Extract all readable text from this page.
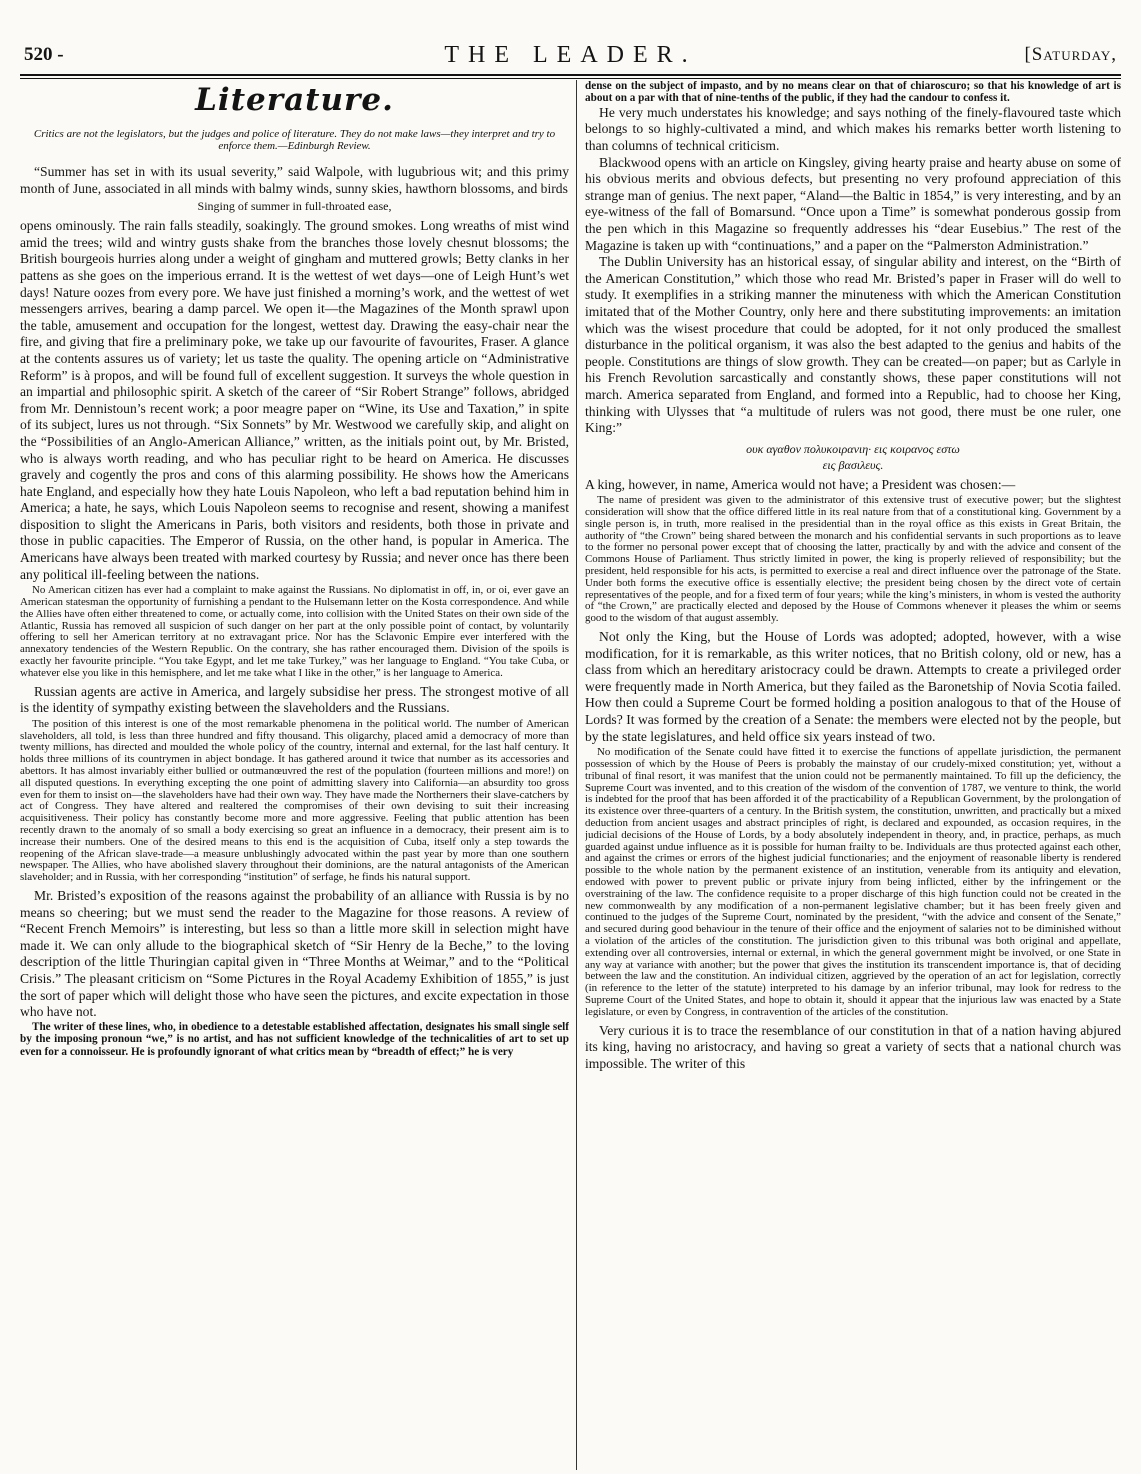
520 -	THE LEADER.	[Saturday,
Literature.
Critics are not the legislators, but the judges and police of literature. They do not make laws—they interpret and try to enforce them.—Edinburgh Review.

“Summer has set in with its usual severity,” said Walpole, with lugubrious wit; and this primy month of June, associated in all minds with balmy winds, sunny skies, hawthorn blossoms, and birds

Singing of summer in full-throated ease,

opens ominously. The rain falls steadily, soakingly. The ground smokes. Long wreaths of mist wind amid the trees; wild and wintry gusts shake from the branches those lovely chesnut blossoms; the British bourgeois hurries along under a weight of gingham and muttered growls; Betty clanks in her pattens as she goes on the imperious errand. It is the wettest of wet days—one of Leigh Hunt’s wet days! Nature oozes from every pore. We have just finished a morning’s work, and the wettest of wet messengers arrives, bearing a damp parcel. We open it—the Magazines of the Month sprawl upon the table, amusement and occupation for the longest, wettest day. Drawing the easy-chair near the fire, and giving that fire a preliminary poke, we take up our favourite of favourites, Fraser. A glance at the contents assures us of variety; let us taste the quality. The opening article on “Administrative Reform” is à propos, and will be found full of excellent suggestion. It surveys the whole question in an impartial and philosophic spirit. A sketch of the career of “Sir Robert Strange” follows, abridged from Mr. Dennistoun’s recent work; a poor meagre paper on “Wine, its Use and Taxation,” in spite of its subject, lures us not through. “Six Sonnets” by Mr. Westwood we carefully skip, and alight on the “Possibilities of an Anglo-American Alliance,” written, as the initials point out, by Mr. Bristed, who is always worth reading, and who has peculiar right to be heard on America. He discusses gravely and cogently the pros and cons of this alarming possibility. He shows how the Americans hate England, and especially how they hate Louis Napoleon, who left a bad reputation behind him in America; a hate, he says, which Louis Napoleon seems to recognise and resent, showing a manifest disposition to slight the Americans in Paris, both visitors and residents, both those in private and those in public capacities. The Emperor of Russia, on the other hand, is popular in America. The Americans have always been treated with marked courtesy by Russia; and never once has there been any political ill-feeling between the nations.

No American citizen has ever had a complaint to make against the Russians. No diplomatist in off, in, or oi, ever gave an American statesman the opportunity of furnishing a pendant to the Hulsemann letter on the Kosta correspondence. And while the Allies have often either threatened to come, or actually come, into collision with the United States on their own side of the Atlantic, Russia has removed all suspicion of such danger on her part at the only possible point of contact, by voluntarily offering to sell her American territory at no extravagant price. Nor has the Sclavonic Empire ever interfered with the annexatory tendencies of the Western Republic. On the contrary, she has rather encouraged them. Division of the spoils is exactly her favourite principle. “You take Egypt, and let me take Turkey,” was her language to England. “You take Cuba, or whatever else you like in this hemisphere, and let me take what I like in the other,” is her language to America.

Russian agents are active in America, and largely subsidise her press. The strongest motive of all is the identity of sympathy existing between the slaveholders and the Russians.

The position of this interest is one of the most remarkable phenomena in the political world. The number of American slaveholders, all told, is less than three hundred and fifty thousand. This oligarchy, placed amid a democracy of more than twenty millions, has directed and moulded the whole policy of the country, internal and external, for the last half century. It holds three millions of its countrymen in abject bondage. It has gathered around it twice that number as its accessories and abettors. It has almost invariably either bullied or outmanœuvred the rest of the population (fourteen millions and more!) on all disputed questions. In everything excepting the one point of admitting slavery into California—an absurdity too gross even for them to insist on—the slaveholders have had their own way. They have made the Northerners their slave-catchers by act of Congress. They have altered and realtered the compromises of their own devising to suit their increasing acquisitiveness. Their policy has constantly become more and more aggressive. Feeling that public attention has been recently drawn to the anomaly of so small a body exercising so great an influence in a democracy, their present aim is to increase their numbers. One of the desired means to this end is the acquisition of Cuba, itself only a step towards the reopening of the African slave-trade—a measure unblushingly advocated within the past year by more than one southern newspaper. The Allies, who have abolished slavery throughout their dominions, are the natural antagonists of the American slaveholder; and in Russia, with her corresponding “institution” of serfage, he finds his natural support.

Mr. Bristed’s exposition of the reasons against the probability of an alliance with Russia is by no means so cheering; but we must send the reader to the Magazine for those reasons. A review of “Recent French Memoirs” is interesting, but less so than a little more skill in selection might have made it. We can only allude to the biographical sketch of “Sir Henry de la Beche,” to the loving description of the little Thuringian capital given in “Three Months at Weimar,” and to the “Political Crisis.” The pleasant criticism on “Some Pictures in the Royal Academy Exhibition of 1855,” is just the sort of paper which will delight those who have seen the pictures, and excite expectation in those who have not.

The writer of these lines, who, in obedience to a detestable established affectation, designates his small single self by the imposing pronoun “we,” is no artist, and has not sufficient knowledge of the technicalities of art to set up even for a connoisseur. He is profoundly ignorant of what critics mean by “breadth of effect;” he is very

dense on the subject of impasto, and by no means clear on that of chiaroscuro; so that his knowledge of art is about on a par with that of nine-tenths of the public, if they had the candour to confess it.

He very much understates his knowledge; and says nothing of the finely-flavoured taste which belongs to so highly-cultivated a mind, and which makes his remarks better worth listening to than columns of technical criticism.

Blackwood opens with an article on Kingsley, giving hearty praise and hearty abuse on some of his obvious merits and obvious defects, but presenting no very profound appreciation of this strange man of genius. The next paper, “Aland—the Baltic in 1854,” is very interesting, and by an eye-witness of the fall of Bomarsund. “Once upon a Time” is somewhat ponderous gossip from the pen which in this Magazine so frequently addresses his “dear Eusebius.” The rest of the Magazine is taken up with “continuations,” and a paper on the “Palmerston Administration.”

The Dublin University has an historical essay, of singular ability and interest, on the “Birth of the American Constitution,” which those who read Mr. Bristed’s paper in Fraser will do well to study. It exemplifies in a striking manner the minuteness with which the American Constitution imitated that of the Mother Country, only here and there substituting improvements: an imitation which was the wisest procedure that could be adopted, for it not only produced the smallest disturbance in the political organism, it was also the best adapted to the genius and habits of the people. Constitutions are things of slow growth. They can be created—on paper; but as Carlyle in his French Revolution sarcastically and constantly shows, these paper constitutions will not march. America separated from England, and formed into a Republic, had to choose her King, thinking with Ulysses that “a multitude of rulers was not good, there must be one ruler, one King:”

ουκ αγαθον πολυκοιρανιη· εις κοιρανος εστω
εις βασιλευς.

A king, however, in name, America would not have; a President was chosen:—

The name of president was given to the administrator of this extensive trust of executive power; but the slightest consideration will show that the office differed little in its real nature from that of a constitutional king. Government by a single person is, in truth, more realised in the presidential than in the royal office as this exists in Great Britain, the authority of “the Crown” being shared between the monarch and his confidential servants in such proportions as to leave to the former no personal power except that of choosing the latter, practically by and with the advice and consent of the Commons House of Parliament. Thus strictly limited in power, the king is properly relieved of responsibility; but the president, held responsible for his acts, is permitted to exercise a real and direct influence over the patronage of the State. Under both forms the executive office is essentially elective; the president being chosen by the direct vote of certain representatives of the people, and for a fixed term of four years; while the king’s ministers, in whom is vested the authority of “the Crown,” are practically elected and deposed by the House of Commons whenever it pleases the whim or seems good to the wisdom of that august assembly.

Not only the King, but the House of Lords was adopted; adopted, however, with a wise modification, for it is remarkable, as this writer notices, that no British colony, old or new, has a class from which an hereditary aristocracy could be drawn. Attempts to create a privileged order were frequently made in North America, but they failed as the Baronetship of Novia Scotia failed. How then could a Supreme Court be formed holding a position analogous to that of the House of Lords? It was formed by the creation of a Senate: the members were elected not by the people, but by the state legislatures, and held office six years instead of two.

No modification of the Senate could have fitted it to exercise the functions of appellate jurisdiction, the permanent possession of which by the House of Peers is probably the mainstay of our crudely-mixed constitution; yet, without a tribunal of final resort, it was manifest that the union could not be permanently maintained. To fill up the deficiency, the Supreme Court was invented, and to this creation of the wisdom of the convention of 1787, we venture to think, the world is indebted for the proof that has been afforded it of the practicability of a Republican Government, by the prolongation of its existence over three-quarters of a century. In the British system, the constitution, unwritten, and practically but a mixed deduction from ancient usages and abstract principles of right, is declared and expounded, as occasion requires, in the judicial decisions of the House of Lords, by a body absolutely independent in theory, and, in practice, perhaps, as much guarded against undue influence as it is possible for human frailty to be. Individuals are thus protected against each other, and against the crimes or errors of the highest judicial functionaries; and the enjoyment of reasonable liberty is rendered possible to the whole nation by the permanent existence of an institution, venerable from its antiquity and elevation, endowed with power to prevent public or private injury from being inflicted, either by the infringement or the overstraining of the law. The confidence requisite to a proper discharge of this high function could not be created in the new commonwealth by any modification of a non-permanent legislative chamber; but it has been freely given and continued to the judges of the Supreme Court, nominated by the president, “with the advice and consent of the Senate,” and secured during good behaviour in the tenure of their office and the enjoyment of salaries not to be diminished without a violation of the articles of the constitution. The jurisdiction given to this tribunal was both original and appellate, extending over all controversies, internal or external, in which the general government might be involved, or one State in any way at variance with another; but the power that gives the institution its transcendent importance is, that of deciding between the law and the constitution. An individual citizen, aggrieved by the operation of an act for legislation, correctly (in reference to the letter of the statute) interpreted to his damage by an inferior tribunal, may look for redress to the Supreme Court of the United States, and hope to obtain it, should it appear that the injurious law was enacted by a State legislature, or even by Congress, in contravention of the articles of the constitution.

Very curious it is to trace the resemblance of our constitution in that of a nation having abjured its king, having no aristocracy, and having so great a variety of sects that a national church was impossible. The writer of this
